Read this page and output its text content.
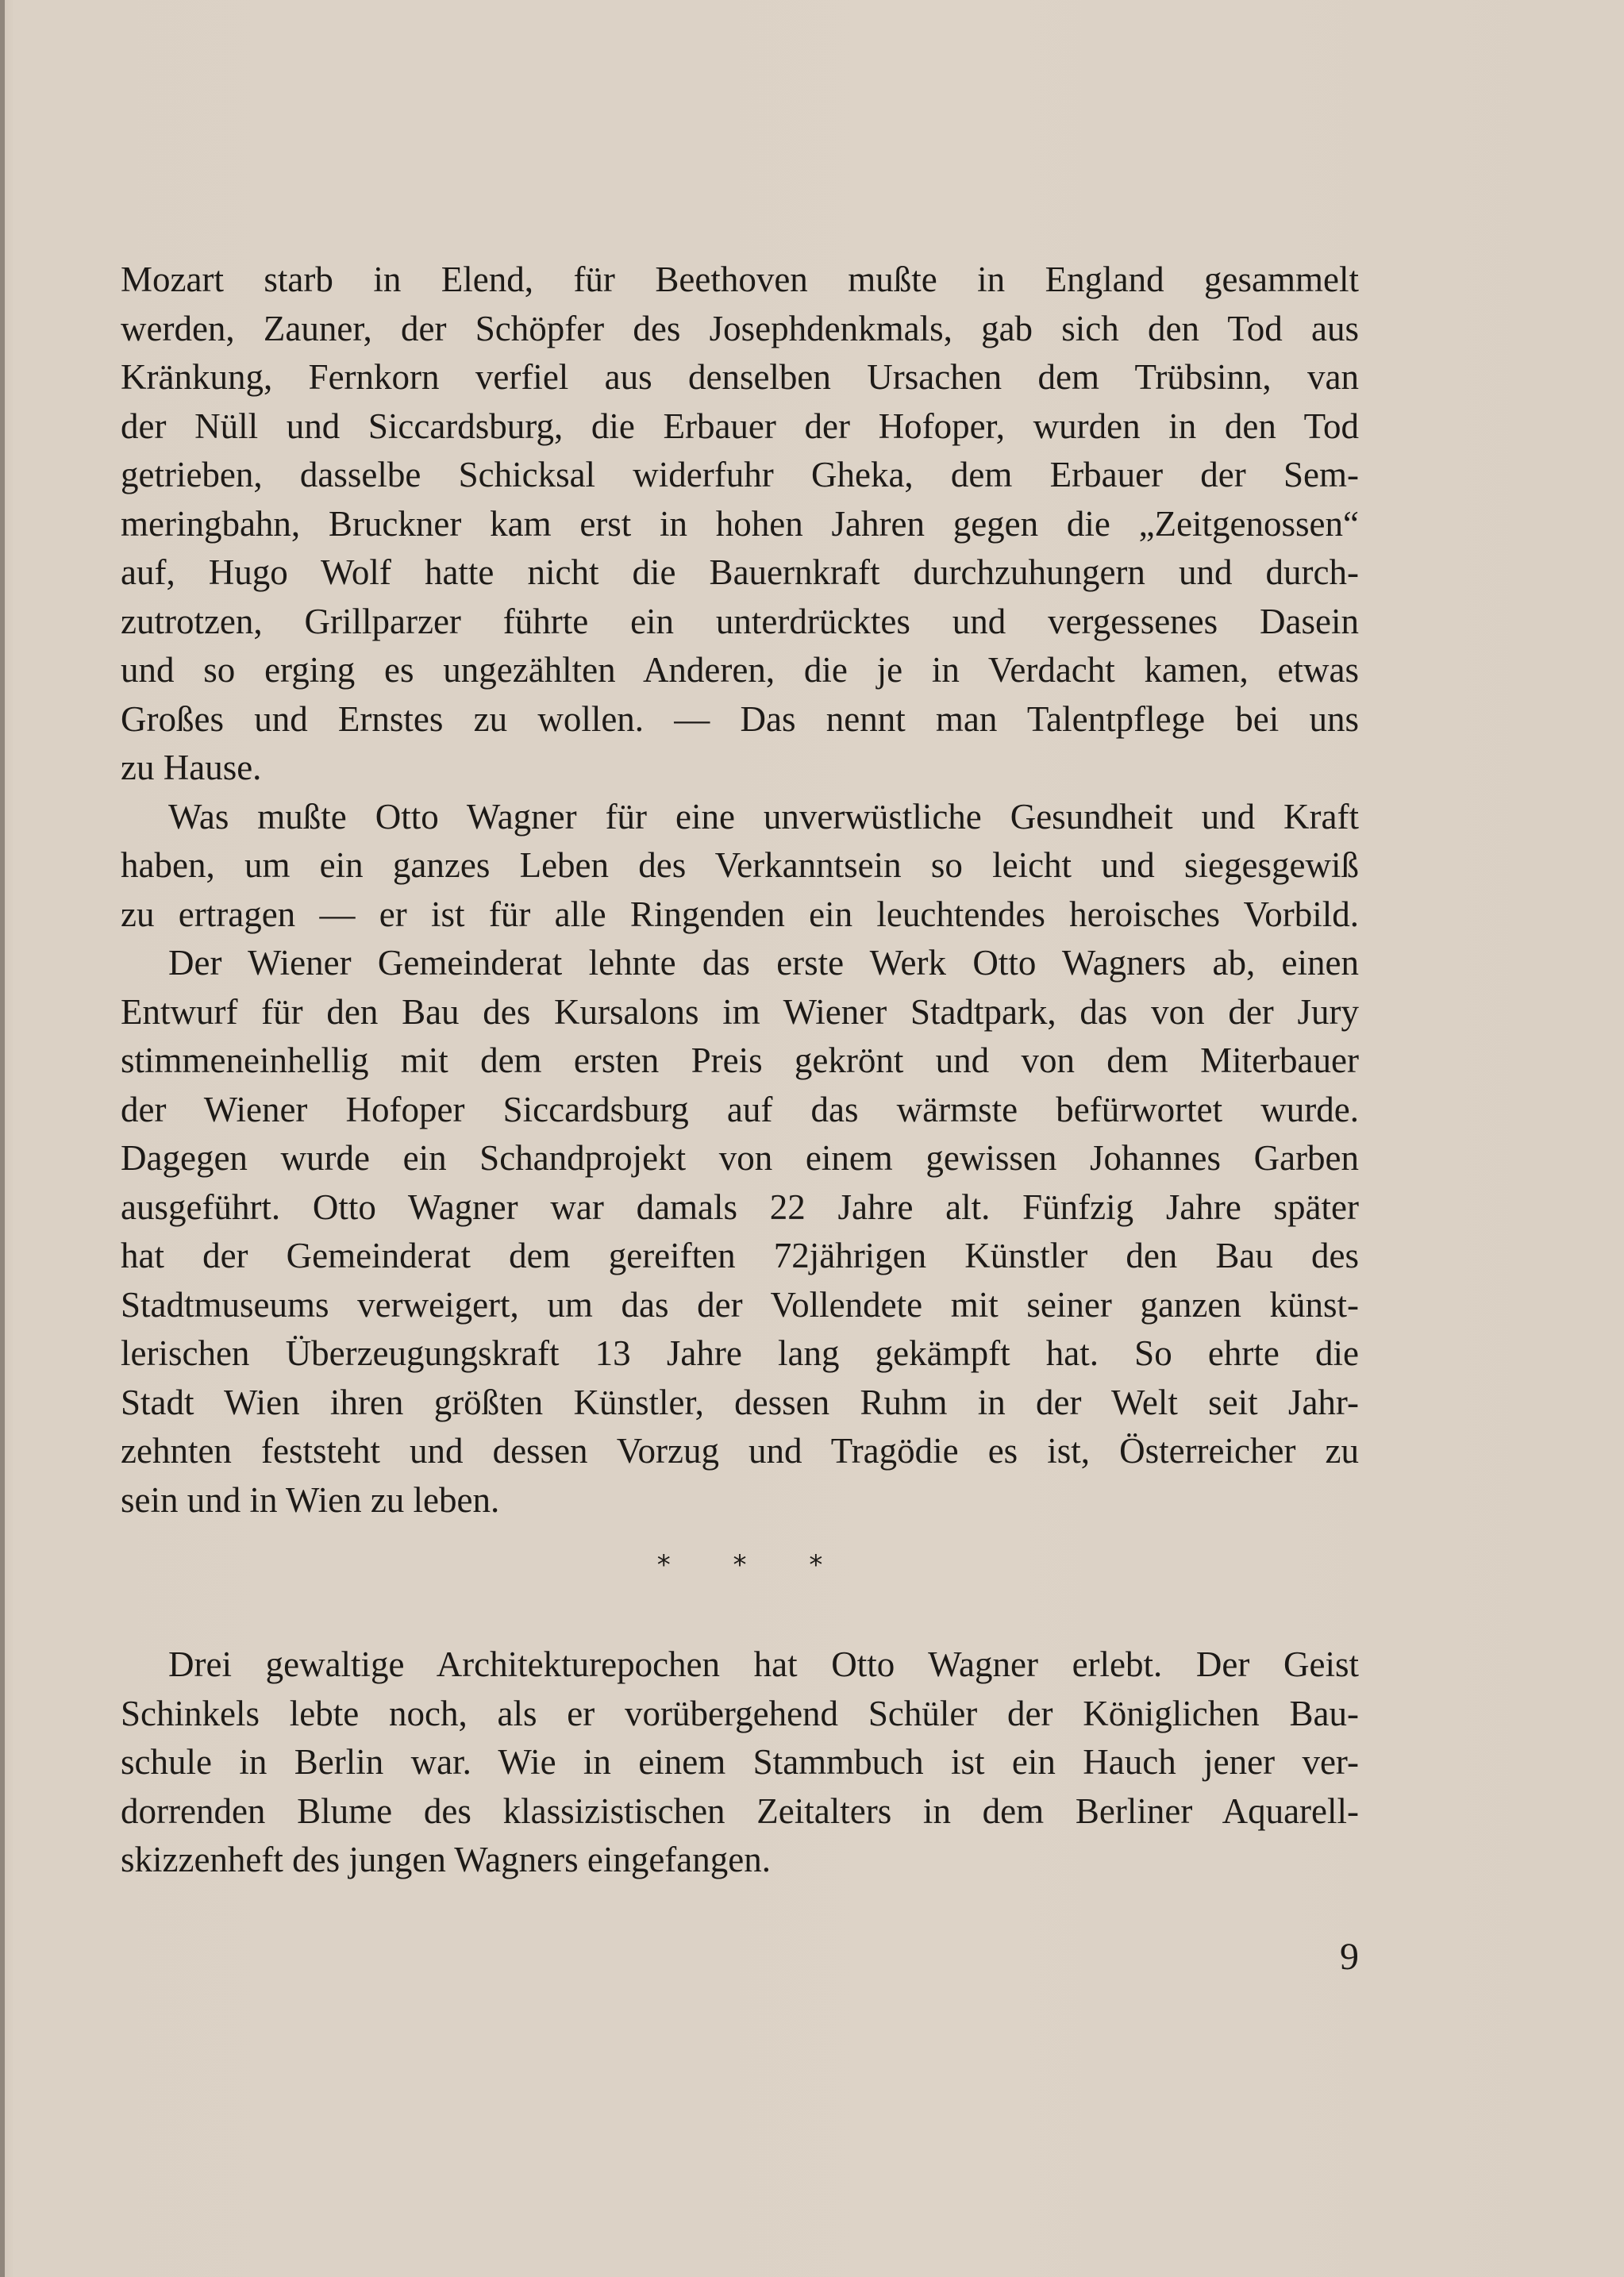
Mozart starb in Elend, für Beethoven mußte in England gesammelt
werden, Zauner, der Schöpfer des Josephdenkmals, gab sich den Tod aus
Kränkung, Fernkorn verfiel aus denselben Ursachen dem Trübsinn, van
der Nüll und Siccardsburg, die Erbauer der Hofoper, wurden in den Tod
getrieben, dasselbe Schicksal widerfuhr Gheka, dem Erbauer der Sem-
meringbahn, Bruckner kam erst in hohen Jahren gegen die „Zeitgenossen“
auf, Hugo Wolf hatte nicht die Bauernkraft durchzuhungern und durch-
zutrotzen, Grillparzer führte ein unterdrücktes und vergessenes Dasein
und so erging es ungezählten Anderen, die je in Verdacht kamen, etwas
Großes und Ernstes zu wollen. — Das nennt man Talentpflege bei uns
zu Hause.
Was mußte Otto Wagner für eine unverwüstliche Gesundheit und Kraft
haben, um ein ganzes Leben des Verkanntsein so leicht und siegesgewiß
zu ertragen — er ist für alle Ringenden ein leuchtendes heroisches Vorbild.
Der Wiener Gemeinderat lehnte das erste Werk Otto Wagners ab, einen
Entwurf für den Bau des Kursalons im Wiener Stadtpark, das von der Jury
stimmeneinhellig mit dem ersten Preis gekrönt und von dem Miterbauer
der Wiener Hofoper Siccardsburg auf das wärmste befürwortet wurde.
Dagegen wurde ein Schandprojekt von einem gewissen Johannes Garben
ausgeführt. Otto Wagner war damals 22 Jahre alt. Fünfzig Jahre später
hat der Gemeinderat dem gereiften 72jährigen Künstler den Bau des
Stadtmuseums verweigert, um das der Vollendete mit seiner ganzen künst-
lerischen Überzeugungskraft 13 Jahre lang gekämpft hat. So ehrte die
Stadt Wien ihren größten Künstler, dessen Ruhm in der Welt seit Jahr-
zehnten feststeht und dessen Vorzug und Tragödie es ist, Österreicher zu
sein und in Wien zu leben.
* * *
Drei gewaltige Architekturepochen hat Otto Wagner erlebt. Der Geist
Schinkels lebte noch, als er vorübergehend Schüler der Königlichen Bau-
schule in Berlin war. Wie in einem Stammbuch ist ein Hauch jener ver-
dorrenden Blume des klassizistischen Zeitalters in dem Berliner Aquarell-
skizzenheft des jungen Wagners eingefangen.
9
